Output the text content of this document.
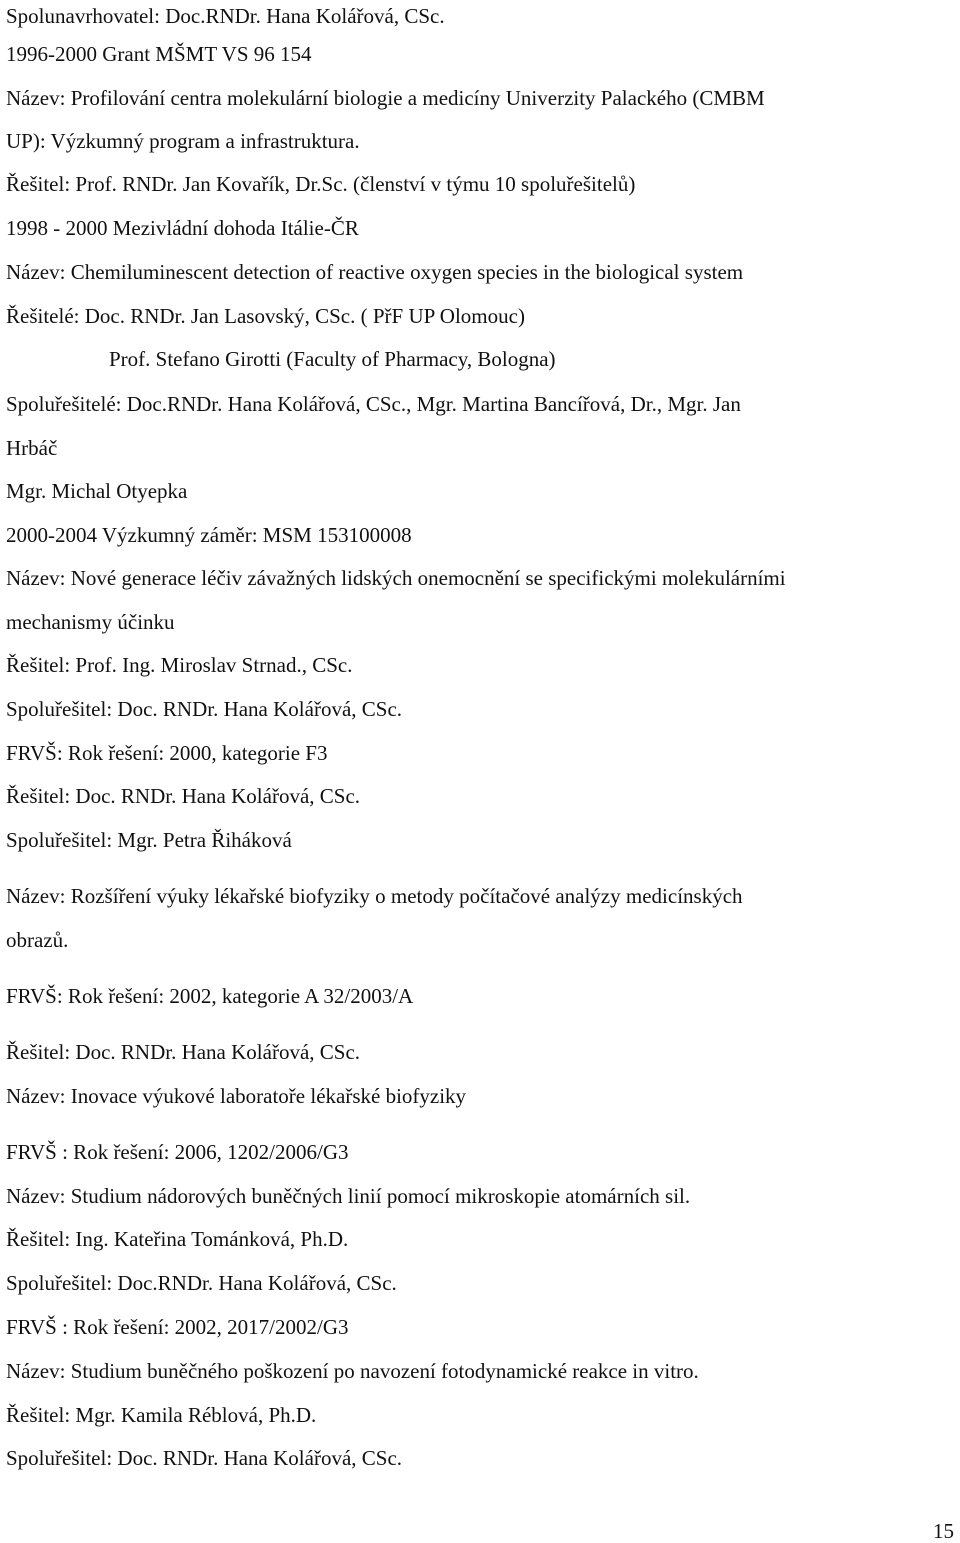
Spolunavrhovatel: Doc.RNDr. Hana Kolářová, CSc.
1996-2000 Grant MŠMT VS 96 154
Název: Profilování centra molekulární biologie a medicíny Univerzity Palackého (CMBM
UP): Výzkumný program a infrastruktura.
Řešitel: Prof. RNDr. Jan Kovařík, Dr.Sc. (členství v týmu 10 spoluřešitelů)
1998 - 2000 Mezivládní dohoda Itálie-ČR
Název: Chemiluminescent detection of reactive oxygen species in the biological system
Řešitelé: Doc. RNDr. Jan Lasovský, CSc. ( PřF UP Olomouc)
Prof. Stefano Girotti (Faculty of Pharmacy, Bologna)
Spoluřešitelé: Doc.RNDr. Hana Kolářová, CSc., Mgr. Martina Bancířová, Dr., Mgr. Jan
Hrbáč
Mgr. Michal Otyepka
2000-2004 Výzkumný záměr: MSM 153100008
Název: Nové generace léčiv závažných lidských onemocnění se specifickými molekulárními
mechanismy účinku
Řešitel: Prof. Ing. Miroslav Strnad., CSc.
Spoluřešitel: Doc. RNDr. Hana Kolářová, CSc.
FRVŠ: Rok řešení: 2000, kategorie F3
Řešitel: Doc. RNDr. Hana Kolářová, CSc.
Spoluřešitel: Mgr. Petra Řiháková
Název: Rozšíření výuky lékařské biofyziky o metody počítačové analýzy medicínských
obrazů.
FRVŠ: Rok řešení: 2002, kategorie A 32/2003/A
Řešitel: Doc. RNDr. Hana Kolářová, CSc.
Název: Inovace výukové laboratoře lékařské biofyziky
FRVŠ : Rok řešení: 2006, 1202/2006/G3
Název: Studium nádorových buněčných linií pomocí mikroskopie atomárních sil.
Řešitel: Ing. Kateřina Tománková, Ph.D.
Spoluřešitel: Doc.RNDr. Hana Kolářová, CSc.
FRVŠ : Rok řešení: 2002, 2017/2002/G3
Název: Studium buněčného poškození po navození fotodynamické reakce in vitro.
Řešitel: Mgr. Kamila Réblová, Ph.D.
Spoluřešitel: Doc. RNDr. Hana Kolářová, CSc.
15
